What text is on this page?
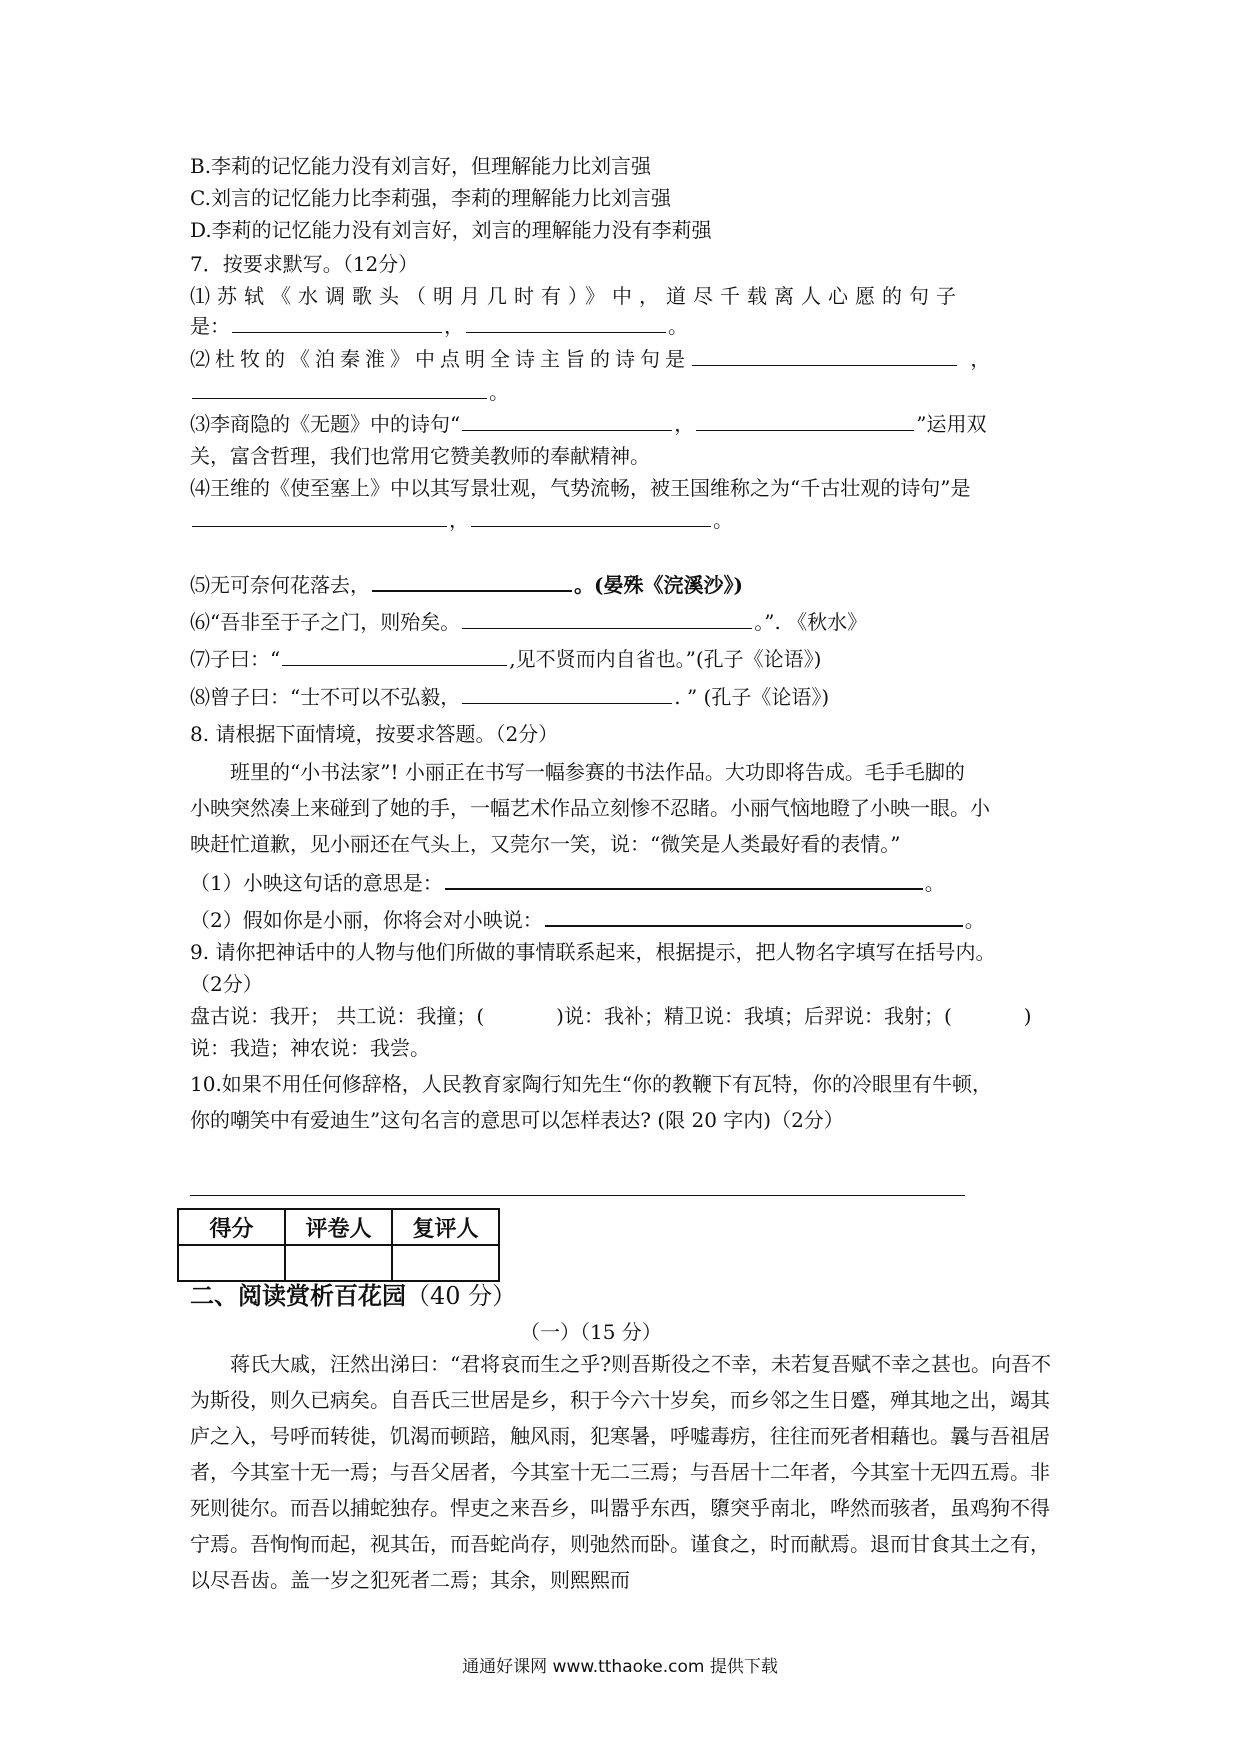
B.李莉的记忆能力没有刘言好，但理解能力比刘言强
C.刘言的记忆能力比李莉强，李莉的理解能力比刘言强
D.李莉的记忆能力没有刘言好，刘言的理解能力没有李莉强
7．按要求默写。（12分）
⑴苏轼《水调歌头（明月几时有）》中，道尽千载离人心愿的句子
是：	，	。
⑵杜牧的《泊秦淮》中点明全诗主旨的诗句是	，
。
⑶李商隐的《无题》中的诗句“	，	”运用双
关，富含哲理，我们也常用它赞美教师的奉献精神。
⑷王维的《使至塞上》中以其写景壮观，气势流畅，被王国维称之为“千古壮观的诗句”是
，	。
⑸无可奈何花落去，	。(晏殊《浣溪沙》)
⑹“吾非至于子之门，则殆矣。	。”. 《秋水》
⑺子曰：“	,见不贤而内自省也。”(孔子《论语》)
⑻曾子曰：“士不可以不弘毅，	. ” (孔子《论语》)
8. 请根据下面情境，按要求答题。（2分）
班里的“小书法家”! 小丽正在书写一幅参赛的书法作品。大功即将告成。毛手毛脚的
小映突然凑上来碰到了她的手，一幅艺术作品立刻惨不忍睹。小丽气恼地瞪了小映一眼。小
映赶忙道歉，见小丽还在气头上，又莞尔一笑，说：“微笑是人类最好看的表情。”
（1）小映这句话的意思是：	。
（2）假如你是小丽，你将会对小映说：	。
9. 请你把神话中的人物与他们所做的事情联系起来，根据提示，把人物名字填写在括号内。
（2分）
盘古说：我开； 共工说：我撞；(	)说：我补；精卫说：我填；后羿说：我射；(	)
说：我造；神农说：我尝。
10.如果不用任何修辞格，人民教育家陶行知先生“你的教鞭下有瓦特，你的冷眼里有牛顿，
你的嘲笑中有爱迪生”这句名言的意思可以怎样表达? (限 20 字内)（2分）
得分	评卷人	复评人

二、阅读赏析百花园（40 分）
（一）（15 分）
蒋氏大戚，汪然出涕曰：“君将哀而生之乎?则吾斯役之不幸，未若复吾赋不幸之甚也。向吾不为斯役，则久已病矣。自吾氏三世居是乡，积于今六十岁矣，而乡邻之生日蹙，殚其地之出，竭其庐之入，号呼而转徙，饥渴而顿踣，触风雨，犯寒暑，呼嘘毒疠，往往而死者相藉也。曩与吾祖居者，今其室十无一焉；与吾父居者，今其室十无二三焉；与吾居十二年者，今其室十无四五焉。非死则徙尔。而吾以捕蛇独存。悍吏之来吾乡，叫嚣乎东西，隳突乎南北，哗然而骇者，虽鸡狗不得宁焉。吾恂恂而起，视其缶，而吾蛇尚存，则弛然而卧。谨食之，时而献焉。退而甘食其土之有，以尽吾齿。盖一岁之犯死者二焉；其余，则熙熙而
通通好课网 www.tthaoke.com 提供下载
